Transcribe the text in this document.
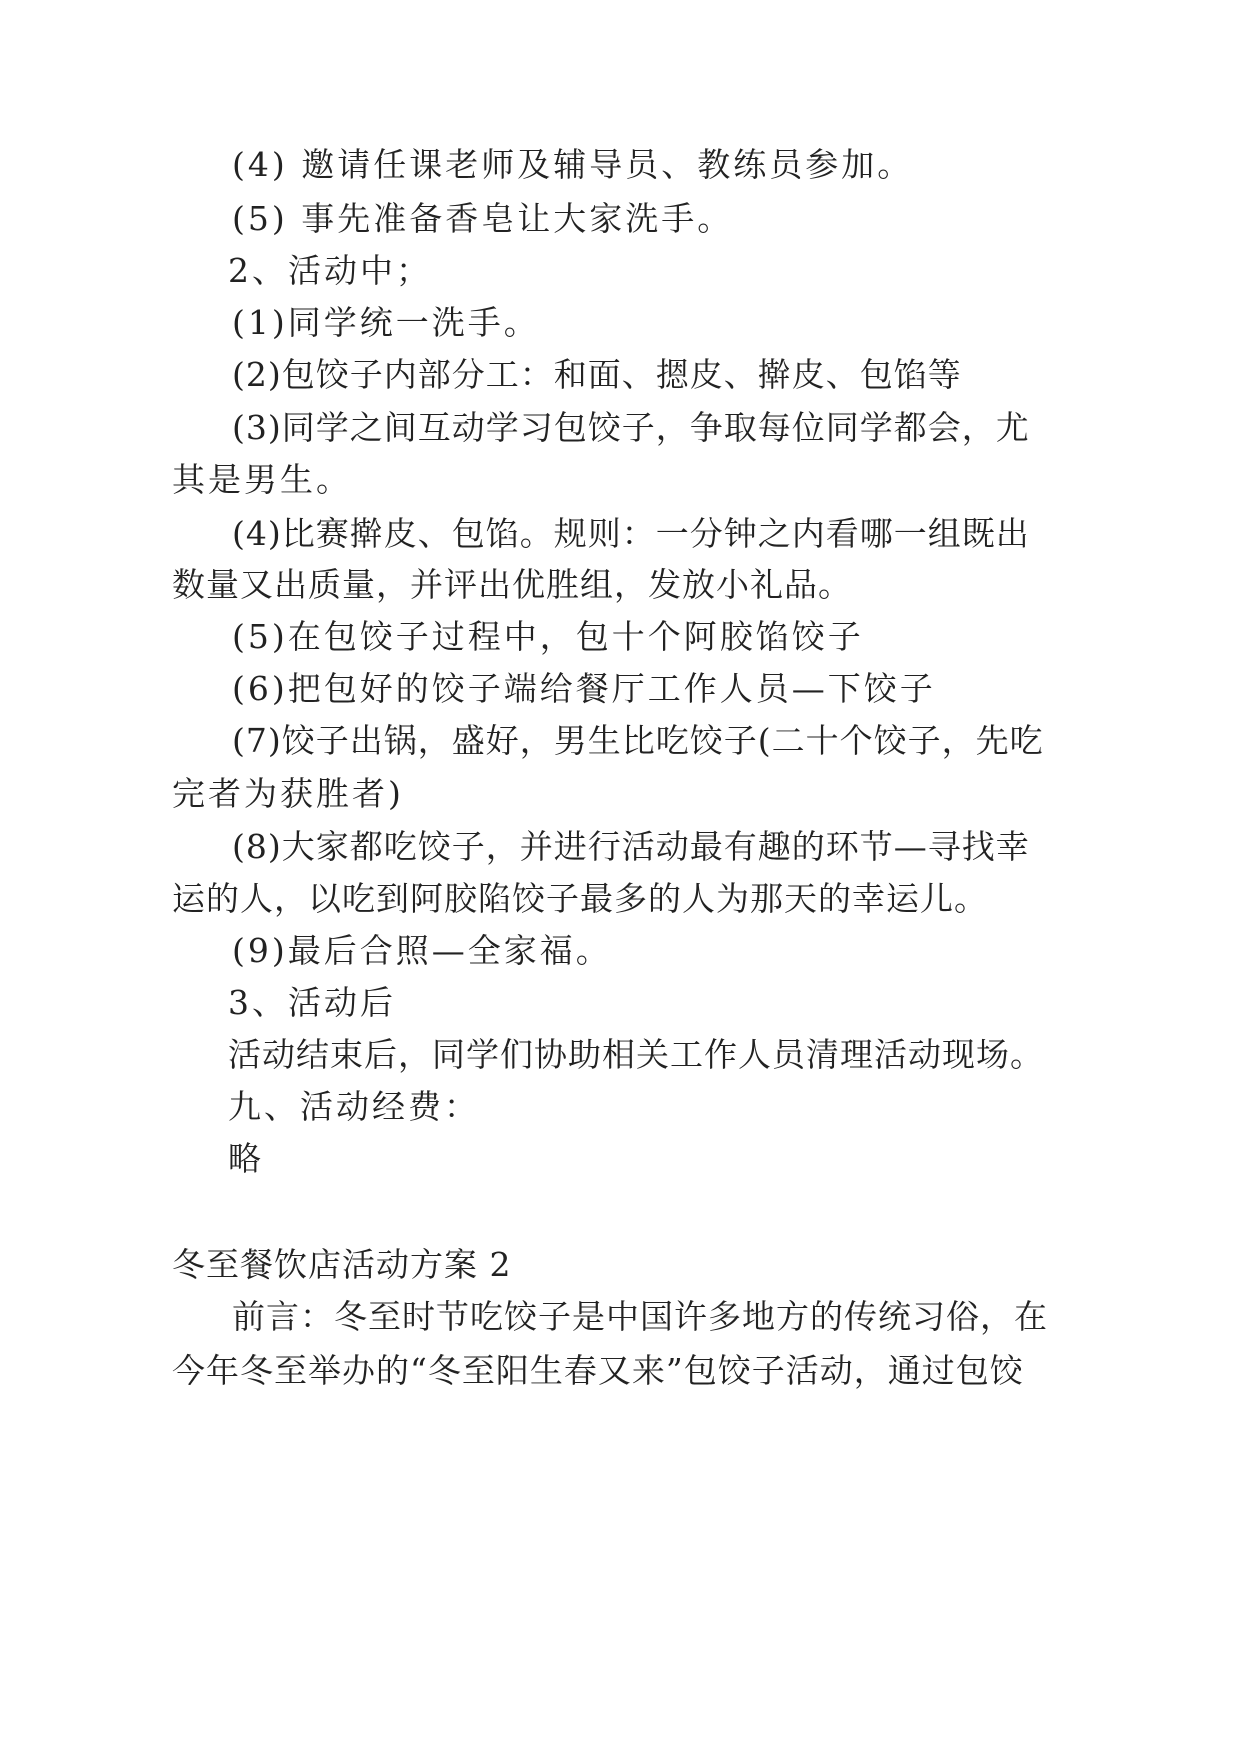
(4) 邀请任课老师及辅导员、教练员参加。
(5) 事先准备香皂让大家洗手。
2、活动中；
(1)同学统一洗手。
(2)包饺子内部分工：和面、摁皮、擀皮、包馅等
(3)同学之间互动学习包饺子，争取每位同学都会，尤
其是男生。
(4)比赛擀皮、包馅。规则：一分钟之内看哪一组既出
数量又出质量，并评出优胜组，发放小礼品。
(5)在包饺子过程中，包十个阿胶馅饺子
(6)把包好的饺子端给餐厅工作人员—下饺子
(7)饺子出锅，盛好，男生比吃饺子(二十个饺子，先吃
完者为获胜者)
(8)大家都吃饺子，并进行活动最有趣的环节—寻找幸
运的人，以吃到阿胶陷饺子最多的人为那天的幸运儿。
(9)最后合照—全家福。
3、活动后
活动结束后，同学们协助相关工作人员清理活动现场。
九、活动经费：
略
冬至餐饮店活动方案 2
前言：冬至时节吃饺子是中国许多地方的传统习俗，在
今年冬至举办的“冬至阳生春又来”包饺子活动，通过包饺
